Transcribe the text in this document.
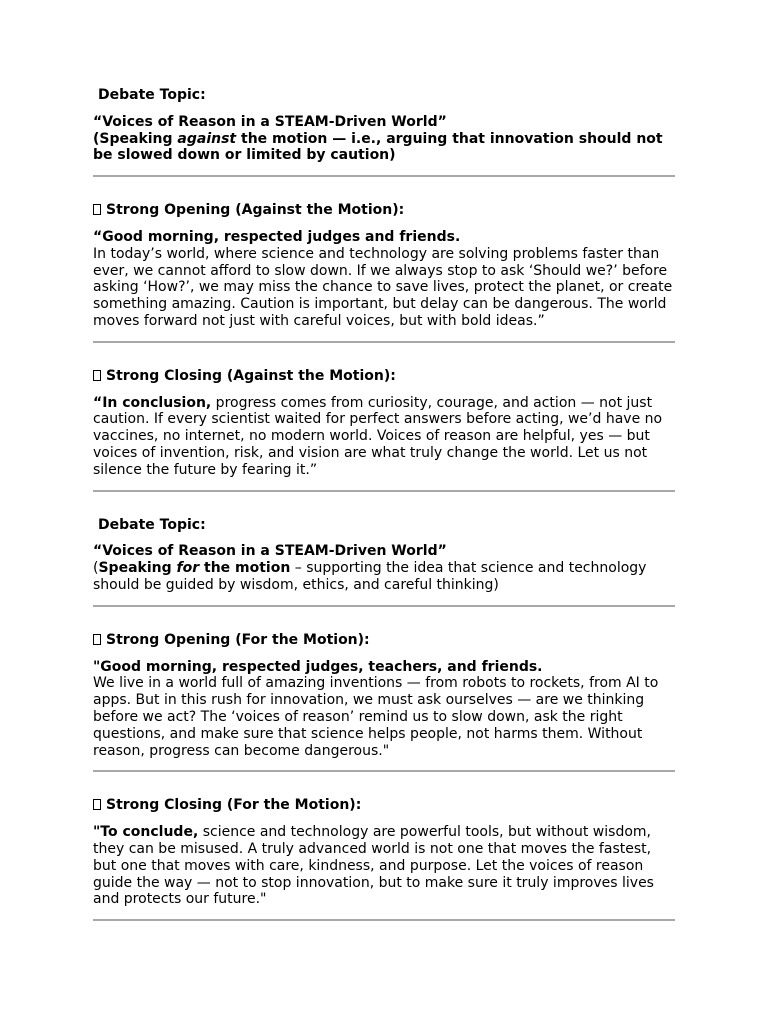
Debate Topic:

“Voices of Reason in a STEAM-Driven World”

(Speaking against the motion — i.e., arguing that innovation should not be slowed down or limited by caution)

Strong Opening (Against the Motion):

“Good morning, respected judges and friends.

In today’s world, where science and technology are solving problems faster than ever, we cannot afford to slow down. If we always stop to ask ‘Should we?’ before asking ‘How?’, we may miss the chance to save lives, protect the planet, or create something amazing. Caution is important, but delay can be dangerous. The world moves forward not just with careful voices, but with bold ideas.”

Strong Closing (Against the Motion):

“In conclusion, progress comes from curiosity, courage, and action — not just caution. If every scientist waited for perfect answers before acting, we’d have no vaccines, no internet, no modern world. Voices of reason are helpful, yes — but voices of invention, risk, and vision are what truly change the world. Let us not silence the future by fearing it.”

Debate Topic:

“Voices of Reason in a STEAM-Driven World”

(Speaking for the motion – supporting the idea that science and technology should be guided by wisdom, ethics, and careful thinking)

Strong Opening (For the Motion):

"Good morning, respected judges, teachers, and friends.

We live in a world full of amazing inventions — from robots to rockets, from AI to apps. But in this rush for innovation, we must ask ourselves — are we thinking before we act? The ‘voices of reason’ remind us to slow down, ask the right questions, and make sure that science helps people, not harms them. Without reason, progress can become dangerous."

Strong Closing (For the Motion):

"To conclude, science and technology are powerful tools, but without wisdom, they can be misused. A truly advanced world is not one that moves the fastest, but one that moves with care, kindness, and purpose. Let the voices of reason guide the way — not to stop innovation, but to make sure it truly improves lives and protects our future."
